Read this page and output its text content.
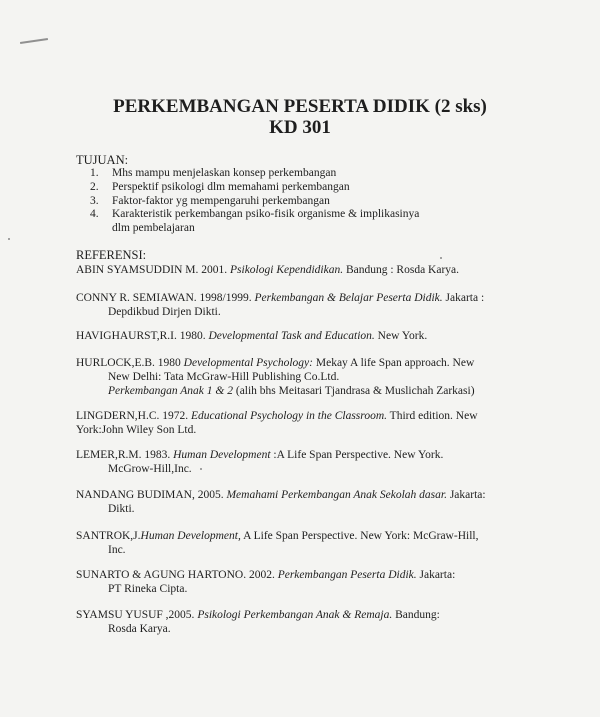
PERKEMBANGAN PESERTA DIDIK (2 sks)
KD 301
TUJUAN:
1. Mhs mampu menjelaskan konsep perkembangan
2. Perspektif psikologi dlm memahami perkembangan
3. Faktor-faktor yg mempengaruhi perkembangan
4. Karakteristik perkembangan psiko-fisik organisme & implikasinya
dlm pembelajaran
REFERENSI:
ABIN SYAMSUDDIN M. 2001. Psikologi Kependidikan. Bandung : Rosda Karya.
CONNY R. SEMIAWAN. 1998/1999. Perkembangan & Belajar Peserta Didik. Jakarta :
Depdikbud Dirjen Dikti.
HAVIGHAURST,R.I. 1980. Developmental Task and Education. New York.
HURLOCK,E.B. 1980 Developmental Psychology: Mekay A life Span approach. New
New Delhi: Tata McGraw-Hill Publishing Co.Ltd.
Perkembangan Anak 1 & 2 (alih bhs Meitasari Tjandrasa & Muslichah Zarkasi)
LINGDERN,H.C. 1972. Educational Psychology in the Classroom. Third edition. New
York:John Wiley Son Ltd.
LEMER,R.M. 1983. Human Development :A Life Span Perspective. New York.
McGrow-Hill,Inc.
NANDANG BUDIMAN, 2005. Memahami Perkembangan Anak Sekolah dasar. Jakarta:
Dikti.
SANTROK,J.Human Development, A Life Span Perspective. New York: McGraw-Hill,
Inc.
SUNARTO & AGUNG HARTONO. 2002. Perkembangan Peserta Didik. Jakarta:
PT Rineka Cipta.
SYAMSU YUSUF ,2005. Psikologi Perkembangan Anak & Remaja. Bandung:
Rosda Karya.
